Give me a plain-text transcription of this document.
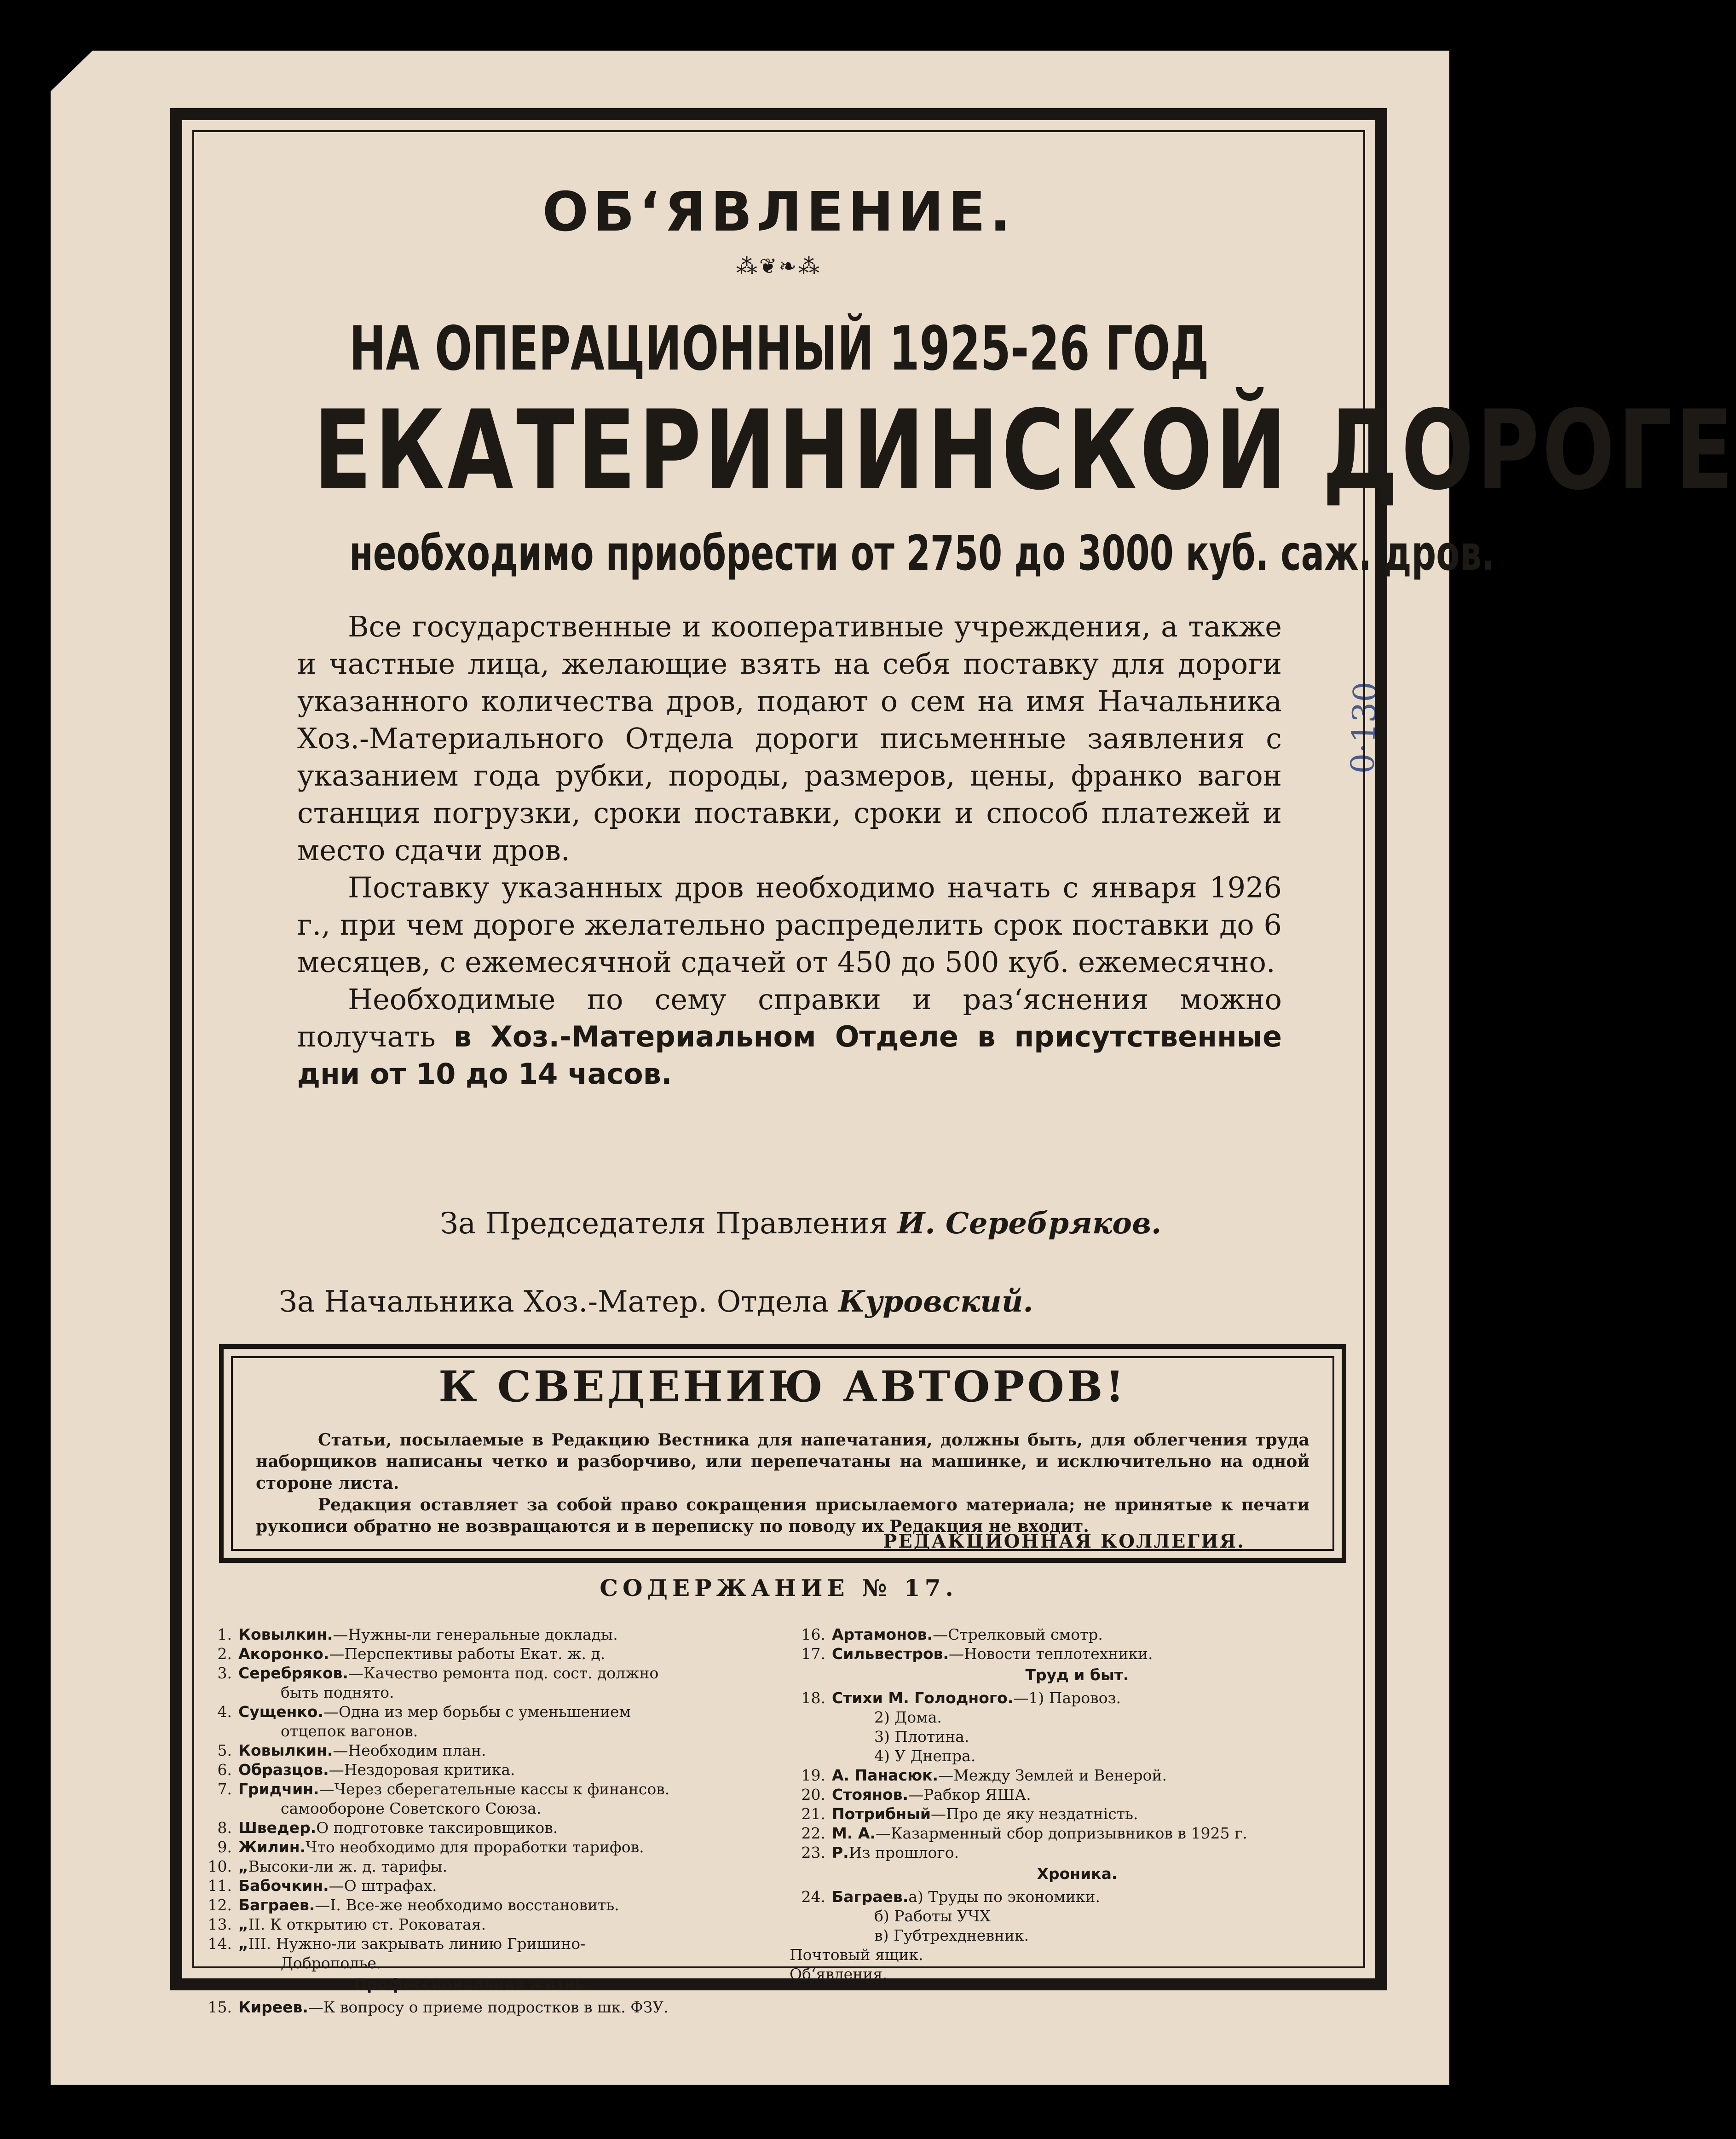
0·130
ОБ‘ЯВЛЕНИЕ.
⁂❦❧⁂
НА ОПЕРАЦИОННЫЙ 1925-26 ГОД
ЕКАТЕРИНИНСКОЙ ДОРОГЕ
необходимо приобрести от 2750 до 3000 куб. саж. дров.

Все государственные и кооперативные учреждения, а также и частные лица, желающие взять на себя поставку для дороги указанного количества дров, подают о сем на имя Начальника Хоз.-Материального Отдела дороги письменные заявления с указанием года рубки, породы, размеров, цены, франко вагон станция погрузки, сроки поставки, сроки и способ платежей и место сдачи дров.

Поставку указанных дров необходимо начать с января 1926 г., при чем дороге желательно распределить срок поставки до 6 месяцев, с ежемесячной сдачей от 450 до 500 куб. ежемесячно.

Необходимые по сему справки и раз‘яснения можно получать в Хоз.-Материальном Отделе в присутственные дни от 10 до 14 часов.

За Председателя Правления И. Серебряков.
За Начальника Хоз.-Матер. Отдела Куровский.
К СВЕДЕНИЮ АВТОРОВ!

Статьи, посылаемые в Редакцию Вестника для напечатания, должны быть, для облегчения труда наборщиков написаны четко и разборчиво, или перепечатаны на машинке, и исключительно на одной стороне листа.

Редакция оставляет за собой право сокращения присылаемого материала; не принятые к печати рукописи обратно не возвращаются и в переписку по поводу их Редакция не входит.

РЕДАКЦИОННАЯ КОЛЛЕГИЯ.
СОДЕРЖАНИЕ № 17.
1. Ковылкин. —Нужны-ли генеральные доклады.
2. Акоронко. —Перспективы работы Екат. ж. д.
3. Серебряков. —Качество ремонта под. сост. должно
быть поднято.
4. Сущенко. —Одна из мер борьбы с уменьшением
отцепок вагонов.
5. Ковылкин. —Необходим план.
6. Образцов. —Нездоровая критика.
7. Гридчин. —Через сберегательные кассы к финансов.
самообороне Советского Союза.
8. Шведер. О подготовке таксировщиков.
9. Жилин. Что необходимо для проработки тарифов.
10. „ Высоки-ли ж. д. тарифы.
11. Бабочкин. —О штрафах.
12. Баграев. —I. Все-же необходимо восстановить.
13. „ II. К открытию ст. Роковатая.
14. „ III. Нужно-ли закрывать линию Гришино-
Доброполье.
Профессиональная жизнь.
15. Киреев. —К вопросу о приеме подростков в шк. ФЗУ.
16. Артамонов. —Стрелковый смотр.
17. Сильвестров. —Новости теплотехники.
Труд и быт.
18. Стихи М. Голодного. —1) Паровоз.
2) Дома.
3) Плотина.
4) У Днепра.
19. А. Панасюк. —Между Землей и Венерой.
20. Стоянов. —Рабкор ЯША.
21. Потрибный —Про де яку нездатність.
22. М. А. —Казарменный сбор допризывников в 1925 г.
23. Р. Из прошлого.
Хроника.
24. Баграев. а) Труды по экономики.
б) Работы УЧХ
в) Губтрехдневник.
Почтовый ящик.
Об‘явления.
